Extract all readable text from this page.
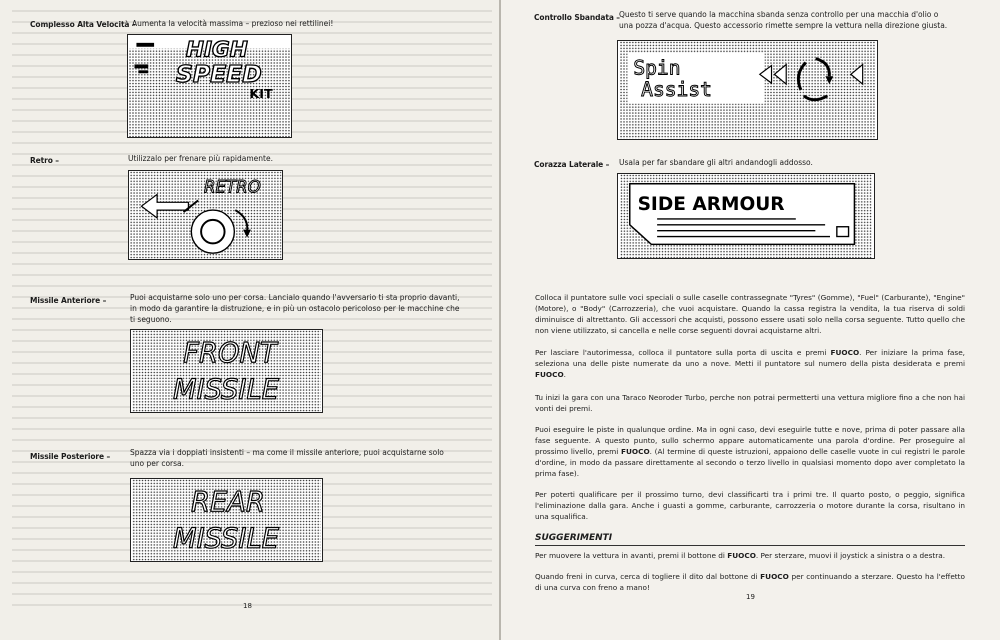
Complesso Alta Velocità –
Aumenta la velocità massima – prezioso nei rettilinei!
HIGH
SPEED
KIT
Retro –	Utilizzalo per frenare più rapidamente.
RETRO
Missile Anteriore –	Puoi acquistarne solo uno per corsa. Lancialo quando l'avversario ti sta proprio davanti, in modo da garantire la distruzione, e in più un ostacolo pericoloso per le macchine che ti seguono.
FRONT
MISSILE
Missile Posteriore –	Spazza via i doppiati insistenti – ma come il missile anteriore, puoi acquistarne solo uno per corsa.
REAR
MISSILE
18
Controllo Sbandata – Questo ti serve quando la macchina sbanda senza controllo per una macchia d'olio o una pozza d'acqua. Questo accessorio rimette sempre la vettura nella direzione giusta.
Spin
Assist
Corazza Laterale – Usala per far sbandare gli altri andandogli addosso.
SIDE ARMOUR

Colloca il puntatore sulle voci speciali o sulle caselle contrassegnate "Tyres" (Gomme), "Fuel" (Carburante), "Engine" (Motore), o "Body" (Carrozzeria), che vuoi acquistare. Quando la cassa registra la vendita, la tua riserva di soldi diminuisce di altrettanto. Gli accessori che acquisti, possono essere usati solo nella corsa seguente. Tutto quello che non viene utilizzato, si cancella e nelle corse seguenti dovrai acquistarne altri.

Per lasciare l'autorimessa, colloca il puntatore sulla porta di uscita e premi FUOCO. Per iniziare la prima fase, seleziona una delle piste numerate da uno a nove. Metti il puntatore sul numero della pista desiderata e premi FUOCO.

Tu inizi la gara con una Taraco Neoroder Turbo, perche non potrai permetterti una vettura migliore fino a che non hai vonti dei premi.

Puoi eseguire le piste in qualunque ordine. Ma in ogni caso, devi eseguirle tutte e nove, prima di poter passare alla fase seguente. A questo punto, sullo schermo appare automaticamente una parola d'ordine. Per proseguire al prossimo livello, premi FUOCO. (Al termine di queste istruzioni, appaiono delle caselle vuote in cui registri le parole d'ordine, in modo da passare direttamente al secondo o terzo livello in qualsiasi momento dopo aver completato la prima fase).

Per poterti qualificare per il prossimo turno, devi classificarti tra i primi tre. Il quarto posto, o peggio, significa l'eliminazione dalla gara. Anche i guasti a gomme, carburante, carrozzeria o motore durante la corsa, risultano in una squalifica.

SUGGERIMENTI

Per muovere la vettura in avanti, premi il bottone di FUOCO. Per sterzare, muovi il joystick a sinistra o a destra.

Quando freni in curva, cerca di togliere il dito dal bottone di FUOCO per continuando a sterzare. Questo ha l'effetto di una curva con freno a mano!

19
